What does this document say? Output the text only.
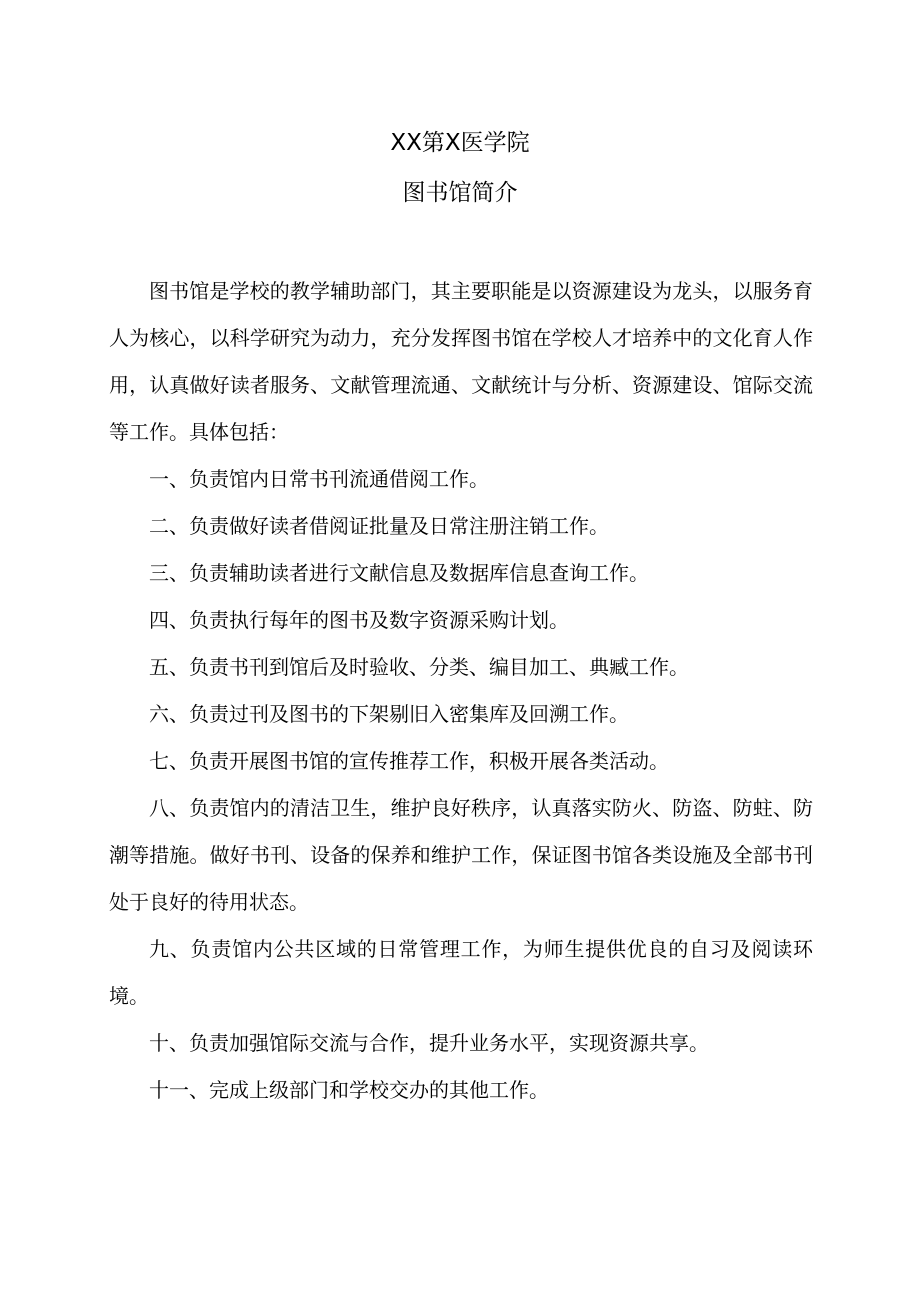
XX第X医学院
图书馆简介

图书馆是学校的教学辅助部门，其主要职能是以资源建设为龙头，以服务育人为核心，以科学研究为动力，充分发挥图书馆在学校人才培养中的文化育人作用，认真做好读者服务、文献管理流通、文献统计与分析、资源建设、馆际交流等工作。具体包括：

一、负责馆内日常书刊流通借阅工作。

二、负责做好读者借阅证批量及日常注册注销工作。

三、负责辅助读者进行文献信息及数据库信息查询工作。

四、负责执行每年的图书及数字资源采购计划。

五、负责书刊到馆后及时验收、分类、编目加工、典臧工作。

六、负责过刊及图书的下架剔旧入密集库及回溯工作。

七、负责开展图书馆的宣传推荐工作，积极开展各类活动。

八、负责馆内的清洁卫生，维护良好秩序，认真落实防火、防盗、防蛀、防潮等措施。做好书刊、设备的保养和维护工作，保证图书馆各类设施及全部书刊处于良好的待用状态。

九、负责馆内公共区域的日常管理工作，为师生提供优良的自习及阅读环境。

十、负责加强馆际交流与合作，提升业务水平，实现资源共享。

十一、完成上级部门和学校交办的其他工作。
